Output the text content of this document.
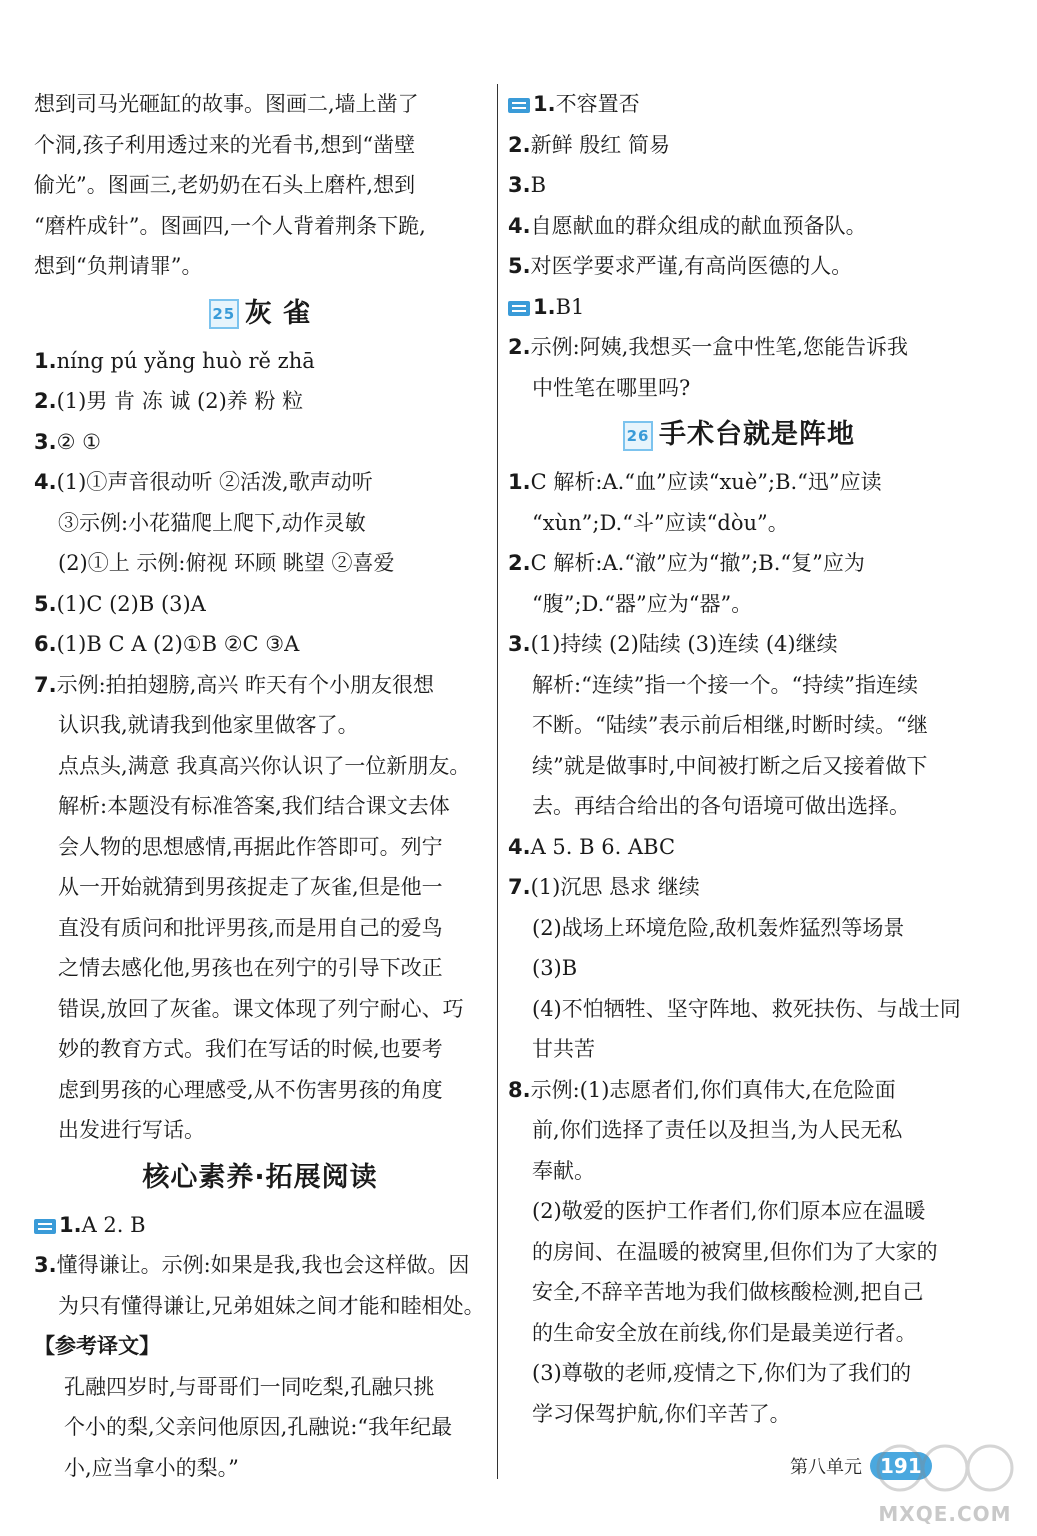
想到司马光砸缸的故事。图画二,墙上凿了
个洞,孩子利用透过来的光看书,想到“凿壁
偷光”。图画三,老奶奶在石头上磨杵,想到
“磨杵成针”。图画四,一个人背着荆条下跪,
想到“负荆请罪”。
25 灰 雀
1.níng pú yǎng huò rě zhā
2.(1)男 肯 冻 诚 (2)养 粉 粒
3.② ①
4.(1)①声音很动听 ②活泼,歌声动听
③示例:小花猫爬上爬下,动作灵敏
(2)①上 示例:俯视 环顾 眺望 ②喜爱
5.(1)C (2)B (3)A
6.(1)B C A (2)①B ②C ③A
7.示例:拍拍翅膀,高兴 昨天有个小朋友很想
认识我,就请我到他家里做客了。
点点头,满意 我真高兴你认识了一位新朋友。
解析:本题没有标准答案,我们结合课文去体
会人物的思想感情,再据此作答即可。列宁
从一开始就猜到男孩捉走了灰雀,但是他一
直没有质问和批评男孩,而是用自己的爱鸟
之情去感化他,男孩也在列宁的引导下改正
错误,放回了灰雀。课文体现了列宁耐心、巧
妙的教育方式。我们在写话的时候,也要考
虑到男孩的心理感受,从不伤害男孩的角度
出发进行写话。
核心素养·拓展阅读
1.A 2. B
3.懂得谦让。示例:如果是我,我也会这样做。因
为只有懂得谦让,兄弟姐妹之间才能和睦相处。
【参考译文】
孔融四岁时,与哥哥们一同吃梨,孔融只挑
个小的梨,父亲问他原因,孔融说:“我年纪最
小,应当拿小的梨。”
1.不容置否
2.新鲜 殷红 简易
3.B
4.自愿献血的群众组成的献血预备队。
5.对医学要求严谨,有高尚医德的人。
1.B1
2.示例:阿姨,我想买一盒中性笔,您能告诉我
中性笔在哪里吗?
26 手术台就是阵地
1.C 解析:A.“血”应读“xuè”;B.“迅”应读
“xùn”;D.“斗”应读“dòu”。
2.C 解析:A.“澈”应为“撤”;B.“复”应为
“腹”;D.“器”应为“器”。
3.(1)持续 (2)陆续 (3)连续 (4)继续
解析:“连续”指一个接一个。“持续”指连续
不断。“陆续”表示前后相继,时断时续。“继
续”就是做事时,中间被打断之后又接着做下
去。再结合给出的各句语境可做出选择。
4.A 5. B 6. ABC
7.(1)沉思 恳求 继续
(2)战场上环境危险,敌机轰炸猛烈等场景
(3)B
(4)不怕牺牲、坚守阵地、救死扶伤、与战士同
甘共苦
8.示例:(1)志愿者们,你们真伟大,在危险面
前,你们选择了责任以及担当,为人民无私
奉献。
(2)敬爱的医护工作者们,你们原本应在温暖
的房间、在温暖的被窝里,但你们为了大家的
安全,不辞辛苦地为我们做核酸检测,把自己
的生命安全放在前线,你们是最美逆行者。
(3)尊敬的老师,疫情之下,你们为了我们的
学习保驾护航,你们辛苦了。
第八单元 191
MXQE.COM
